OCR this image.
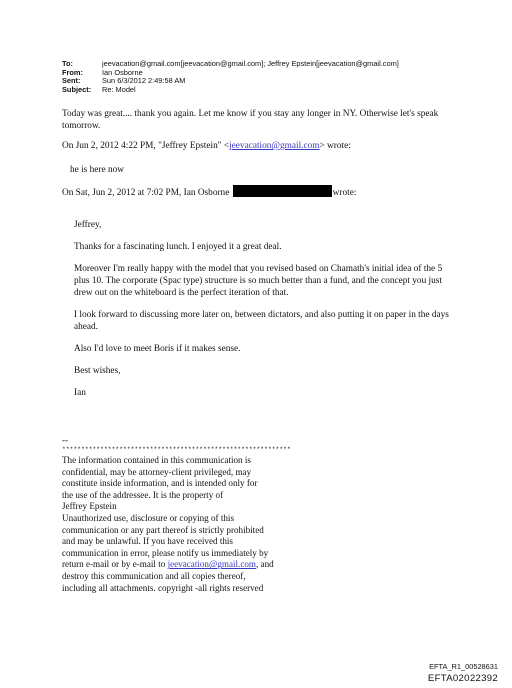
To:	jeevacation@gmail.com[jeevacation@gmail.com]; Jeffrey Epstein[jeevacation@gmail.com]
From:	Ian Osborne
Sent:	Sun 6/3/2012 2:49:58 AM
Subject:	Re: Model
Today was great.... thank you again. Let me know if you stay any longer in NY. Otherwise let's speak tomorrow.
On Jun 2, 2012 4:22 PM, "Jeffrey Epstein" <jeevacation@gmail.com> wrote:
he is here now
On Sat, Jun 2, 2012 at 7:02 PM, Ian Osborne	wrote:

Jeffrey,

Thanks for a fascinating lunch. I enjoyed it a great deal.

Moreover I'm really happy with the model that you revised based on Chamath's initial idea of the 5 plus 10. The corporate (Spac type) structure is so much better than a fund, and the concept you just drew out on the whiteboard is the perfect iteration of that.

I look forward to discussing more later on, between dictators, and also putting it on paper in the days ahead.

Also I'd love to meet Boris if it makes sense.

Best wishes,

Ian

--
************************************************************
The information contained in this communication is
confidential, may be attorney-client privileged, may
constitute inside information, and is intended only for
the use of the addressee. It is the property of
Jeffrey Epstein
Unauthorized use, disclosure or copying of this
communication or any part thereof is strictly prohibited
and may be unlawful. If you have received this
communication in error, please notify us immediately by
return e-mail or by e-mail to jeevacation@gmail.com, and
destroy this communication and all copies thereof,
including all attachments. copyright -all rights reserved
EFTA_R1_00528631
EFTA02022392
